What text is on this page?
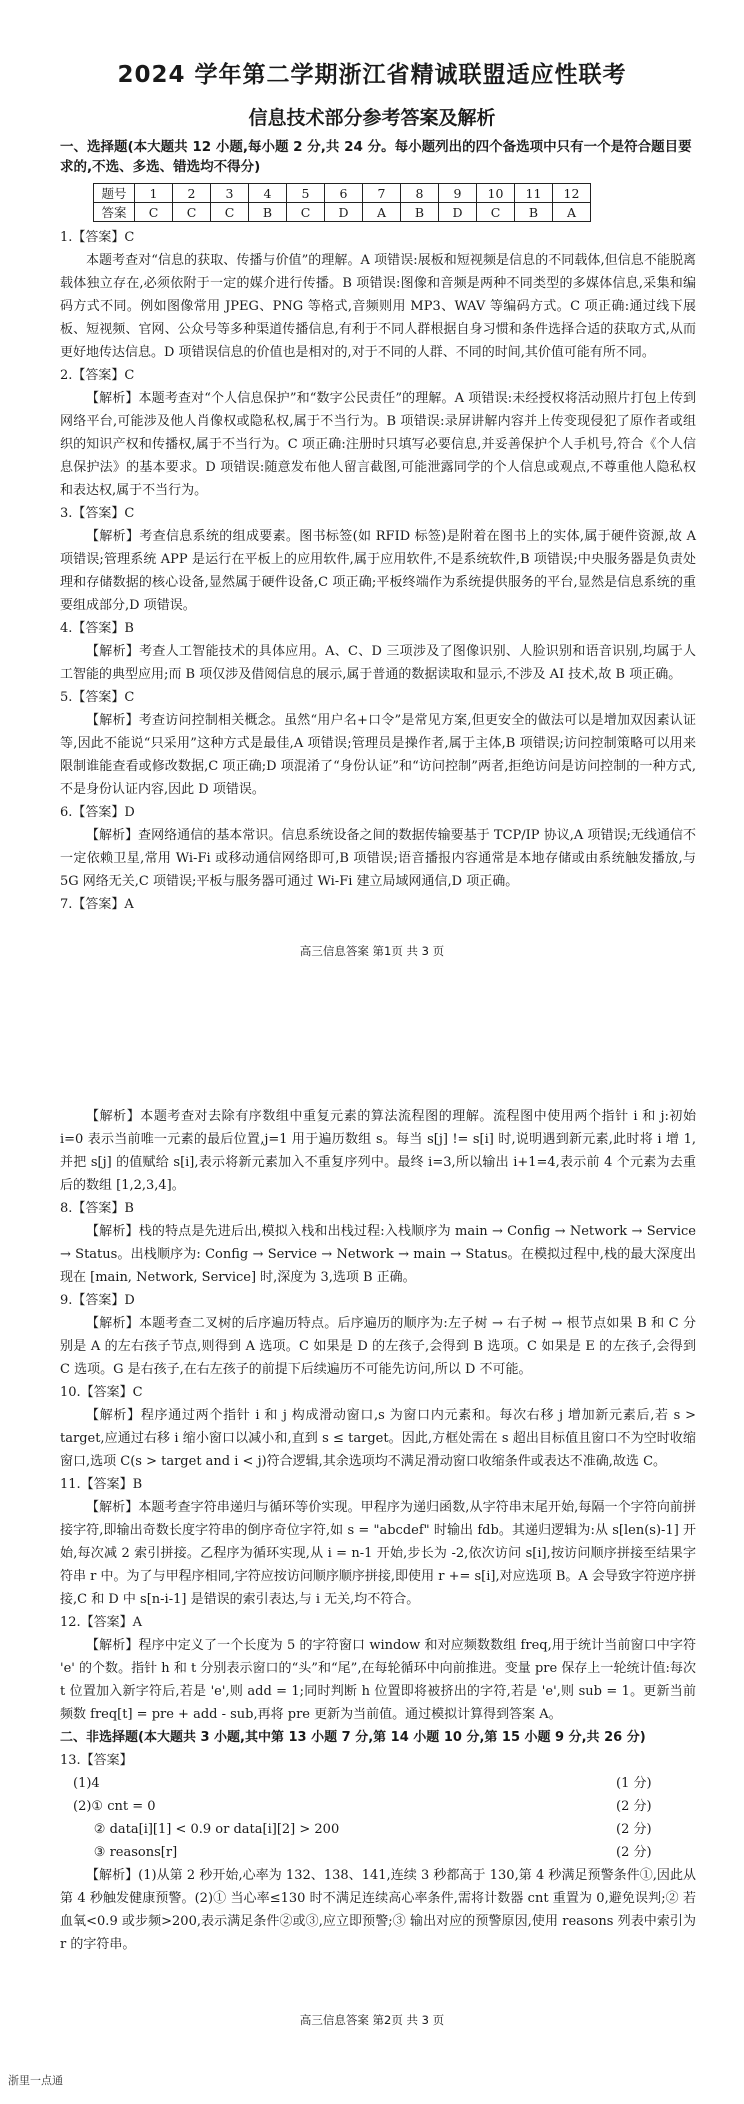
2024 学年第二学期浙江省精诚联盟适应性联考
信息技术部分参考答案及解析
一、选择题(本大题共 12 小题,每小题 2 分,共 24 分。每小题列出的四个备选项中只有一个是符合题目要求的,不选、多选、错选均不得分)
题号	1	2	3	4	5	6	7	8	9	10	11	12
答案	C	C	C	B	C	D	A	B	D	C	B	A

1.【答案】C

本题考查对“信息的获取、传播与价值”的理解。A 项错误:展板和短视频是信息的不同载体,但信息不能脱离载体独立存在,必须依附于一定的媒介进行传播。B 项错误:图像和音频是两种不同类型的多媒体信息,采集和编码方式不同。例如图像常用 JPEG、PNG 等格式,音频则用 MP3、WAV 等编码方式。C 项正确:通过线下展板、短视频、官网、公众号等多种渠道传播信息,有利于不同人群根据自身习惯和条件选择合适的获取方式,从而更好地传达信息。D 项错误信息的价值也是相对的,对于不同的人群、不同的时间,其价值可能有所不同。

2.【答案】C

【解析】本题考查对“个人信息保护”和“数字公民责任”的理解。A 项错误:未经授权将活动照片打包上传到网络平台,可能涉及他人肖像权或隐私权,属于不当行为。B 项错误:录屏讲解内容并上传变现侵犯了原作者或组织的知识产权和传播权,属于不当行为。C 项正确:注册时只填写必要信息,并妥善保护个人手机号,符合《个人信息保护法》的基本要求。D 项错误:随意发布他人留言截图,可能泄露同学的个人信息或观点,不尊重他人隐私权和表达权,属于不当行为。

3.【答案】C

【解析】考查信息系统的组成要素。图书标签(如 RFID 标签)是附着在图书上的实体,属于硬件资源,故 A 项错误;管理系统 APP 是运行在平板上的应用软件,属于应用软件,不是系统软件,B 项错误;中央服务器是负责处理和存储数据的核心设备,显然属于硬件设备,C 项正确;平板终端作为系统提供服务的平台,显然是信息系统的重要组成部分,D 项错误。

4.【答案】B

【解析】考查人工智能技术的具体应用。A、C、D 三项涉及了图像识别、人脸识别和语音识别,均属于人工智能的典型应用;而 B 项仅涉及借阅信息的展示,属于普通的数据读取和显示,不涉及 AI 技术,故 B 项正确。

5.【答案】C

【解析】考查访问控制相关概念。虽然“用户名+口令”是常见方案,但更安全的做法可以是增加双因素认证等,因此不能说“只采用”这种方式是最佳,A 项错误;管理员是操作者,属于主体,B 项错误;访问控制策略可以用来限制谁能查看或修改数据,C 项正确;D 项混淆了“身份认证”和“访问控制”两者,拒绝访问是访问控制的一种方式,不是身份认证内容,因此 D 项错误。

6.【答案】D

【解析】查网络通信的基本常识。信息系统设备之间的数据传输要基于 TCP/IP 协议,A 项错误;无线通信不一定依赖卫星,常用 Wi-Fi 或移动通信网络即可,B 项错误;语音播报内容通常是本地存储或由系统触发播放,与 5G 网络无关,C 项错误;平板与服务器可通过 Wi-Fi 建立局域网通信,D 项正确。

7.【答案】A

高三信息答案 第1页 共 3 页

【解析】本题考查对去除有序数组中重复元素的算法流程图的理解。流程图中使用两个指针 i 和 j:初始 i=0 表示当前唯一元素的最后位置,j=1 用于遍历数组 s。每当 s[j] != s[i] 时,说明遇到新元素,此时将 i 增 1,并把 s[j] 的值赋给 s[i],表示将新元素加入不重复序列中。最终 i=3,所以输出 i+1=4,表示前 4 个元素为去重后的数组 [1,2,3,4]。

8.【答案】B

【解析】栈的特点是先进后出,模拟入栈和出栈过程:入栈顺序为 main → Config → Network → Service → Status。出栈顺序为: Config → Service → Network → main → Status。在模拟过程中,栈的最大深度出现在 [main, Network, Service] 时,深度为 3,选项 B 正确。

9.【答案】D

【解析】本题考查二叉树的后序遍历特点。后序遍历的顺序为:左子树 → 右子树 → 根节点如果 B 和 C 分别是 A 的左右孩子节点,则得到 A 选项。C 如果是 D 的左孩子,会得到 B 选项。C 如果是 E 的左孩子,会得到 C 选项。G 是右孩子,在右左孩子的前提下后续遍历不可能先访问,所以 D 不可能。

10.【答案】C

【解析】程序通过两个指针 i 和 j 构成滑动窗口,s 为窗口内元素和。每次右移 j 增加新元素后,若 s > target,应通过右移 i 缩小窗口以减小和,直到 s ≤ target。因此,方框处需在 s 超出目标值且窗口不为空时收缩窗口,选项 C(s > target and i < j)符合逻辑,其余选项均不满足滑动窗口收缩条件或表达不准确,故选 C。

11.【答案】B

【解析】本题考查字符串递归与循环等价实现。甲程序为递归函数,从字符串末尾开始,每隔一个字符向前拼接字符,即输出奇数长度字符串的倒序奇位字符,如 s = "abcdef" 时输出 fdb。其递归逻辑为:从 s[len(s)-1] 开始,每次减 2 索引拼接。乙程序为循环实现,从 i = n-1 开始,步长为 -2,依次访问 s[i],按访问顺序拼接至结果字符串 r 中。为了与甲程序相同,字符应按访问顺序顺序拼接,即使用 r += s[i],对应选项 B。A 会导致字符逆序拼接,C 和 D 中 s[n-i-1] 是错误的索引表达,与 i 无关,均不符合。

12.【答案】A

【解析】程序中定义了一个长度为 5 的字符窗口 window 和对应频数数组 freq,用于统计当前窗口中字符 'e' 的个数。指针 h 和 t 分别表示窗口的“头”和“尾”,在每轮循环中向前推进。变量 pre 保存上一轮统计值:每次 t 位置加入新字符后,若是 'e',则 add = 1;同时判断 h 位置即将被挤出的字符,若是 'e',则 sub = 1。更新当前频数 freq[t] = pre + add - sub,再将 pre 更新为当前值。通过模拟计算得到答案 A。

二、非选择题(本大题共 3 小题,其中第 13 小题 7 分,第 14 小题 10 分,第 15 小题 9 分,共 26 分)

13.【答案】

(1)4	(1 分)
(2)① cnt = 0	(2 分)
② data[i][1] < 0.9 or data[i][2] > 200	(2 分)
③ reasons[r]	(2 分)

【解析】(1)从第 2 秒开始,心率为 132、138、141,连续 3 秒都高于 130,第 4 秒满足预警条件①,因此从第 4 秒触发健康预警。(2)① 当心率≤130 时不满足连续高心率条件,需将计数器 cnt 重置为 0,避免误判;② 若血氧<0.9 或步频>200,表示满足条件②或③,应立即预警;③ 输出对应的预警原因,使用 reasons 列表中索引为 r 的字符串。

高三信息答案 第2页 共 3 页
浙里一点通
